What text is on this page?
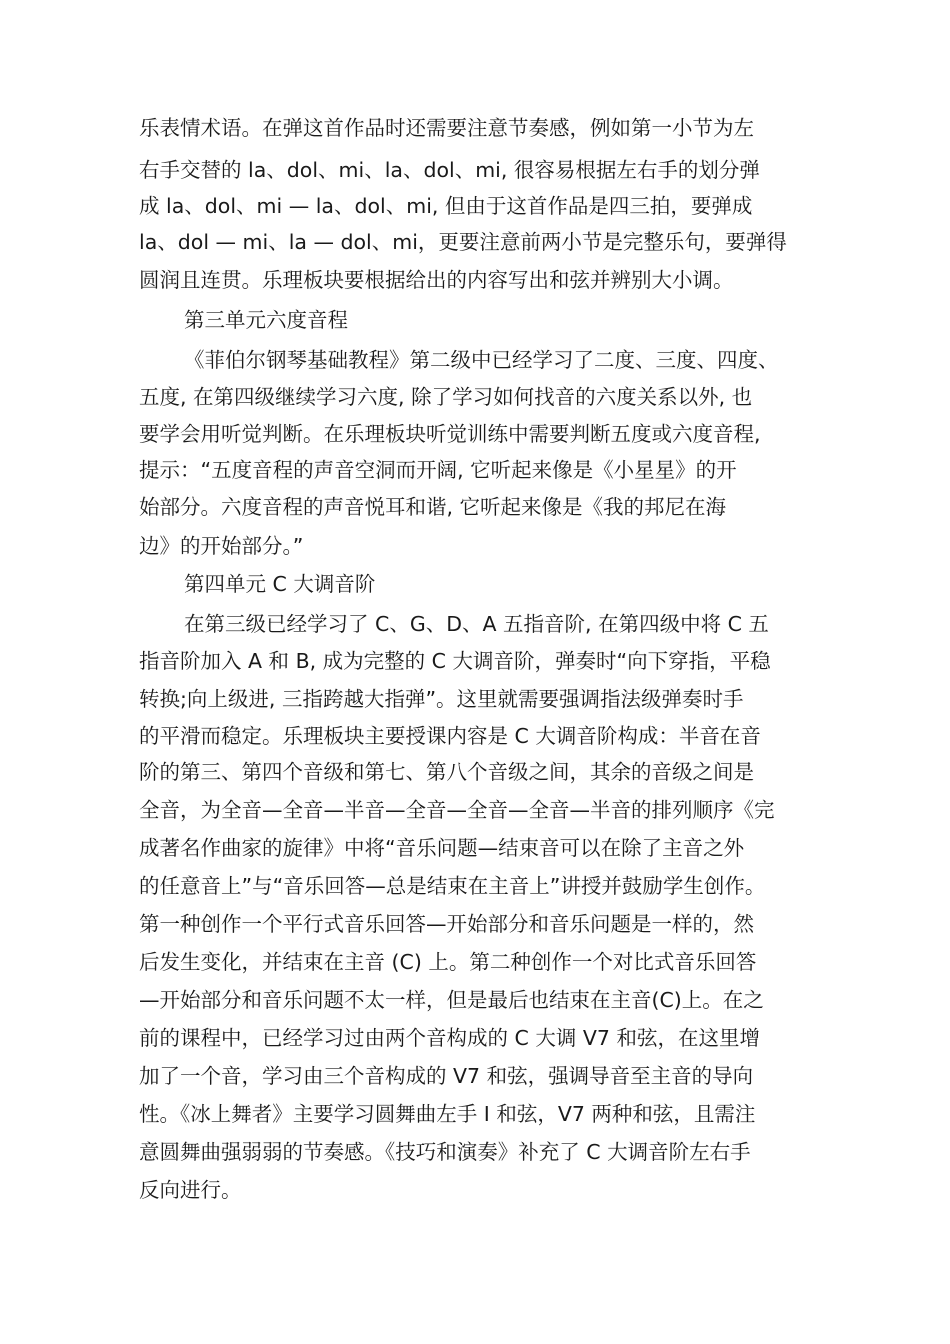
乐表情术语。在弹这首作品时还需要注意节奏感，例如第一小节为左
右手交替的 la、dol、mi、la、dol、mi, 很容易根据左右手的划分弹
成 la、dol、mi — la、dol、mi, 但由于这首作品是四三拍，要弹成
la、dol — mi、la — dol、mi，更要注意前两小节是完整乐句，要弹得
圆润且连贯。乐理板块要根据给出的内容写出和弦并辨别大小调。
第三单元六度音程
《菲伯尔钢琴基础教程》第二级中已经学习了二度、三度、四度、
五度, 在第四级继续学习六度, 除了学习如何找音的六度关系以外, 也
要学会用听觉判断。在乐理板块听觉训练中需要判断五度或六度音程,
提示：“五度音程的声音空洞而开阔, 它听起来像是《小星星》的开
始部分。六度音程的声音悦耳和谐, 它听起来像是《我的邦尼在海
边》的开始部分。”
第四单元 C 大调音阶
在第三级已经学习了 C、G、D、A 五指音阶, 在第四级中将 C 五
指音阶加入 A 和 B, 成为完整的 C 大调音阶，弹奏时“向下穿指，平稳
转换;向上级进, 三指跨越大指弹”。这里就需要强调指法级弹奏时手
的平滑而稳定。乐理板块主要授课内容是 C 大调音阶构成：半音在音
阶的第三、第四个音级和第七、第八个音级之间，其余的音级之间是
全音，为全音—全音—半音—全音—全音—全音—半音的排列顺序《完
成著名作曲家的旋律》中将“音乐问题—结束音可以在除了主音之外
的任意音上”与“音乐回答—总是结束在主音上”讲授并鼓励学生创作。
第一种创作一个平行式音乐回答—开始部分和音乐问题是一样的，然
后发生变化，并结束在主音 (C) 上。第二种创作一个对比式音乐回答
—开始部分和音乐问题不太一样，但是最后也结束在主音(C)上。在之
前的课程中，已经学习过由两个音构成的 C 大调 V7 和弦，在这里增
加了一个音，学习由三个音构成的 V7 和弦，强调导音至主音的导向
性。《冰上舞者》主要学习圆舞曲左手 I 和弦，V7 两种和弦，且需注
意圆舞曲强弱弱的节奏感。《技巧和演奏》补充了 C 大调音阶左右手
反向进行。
